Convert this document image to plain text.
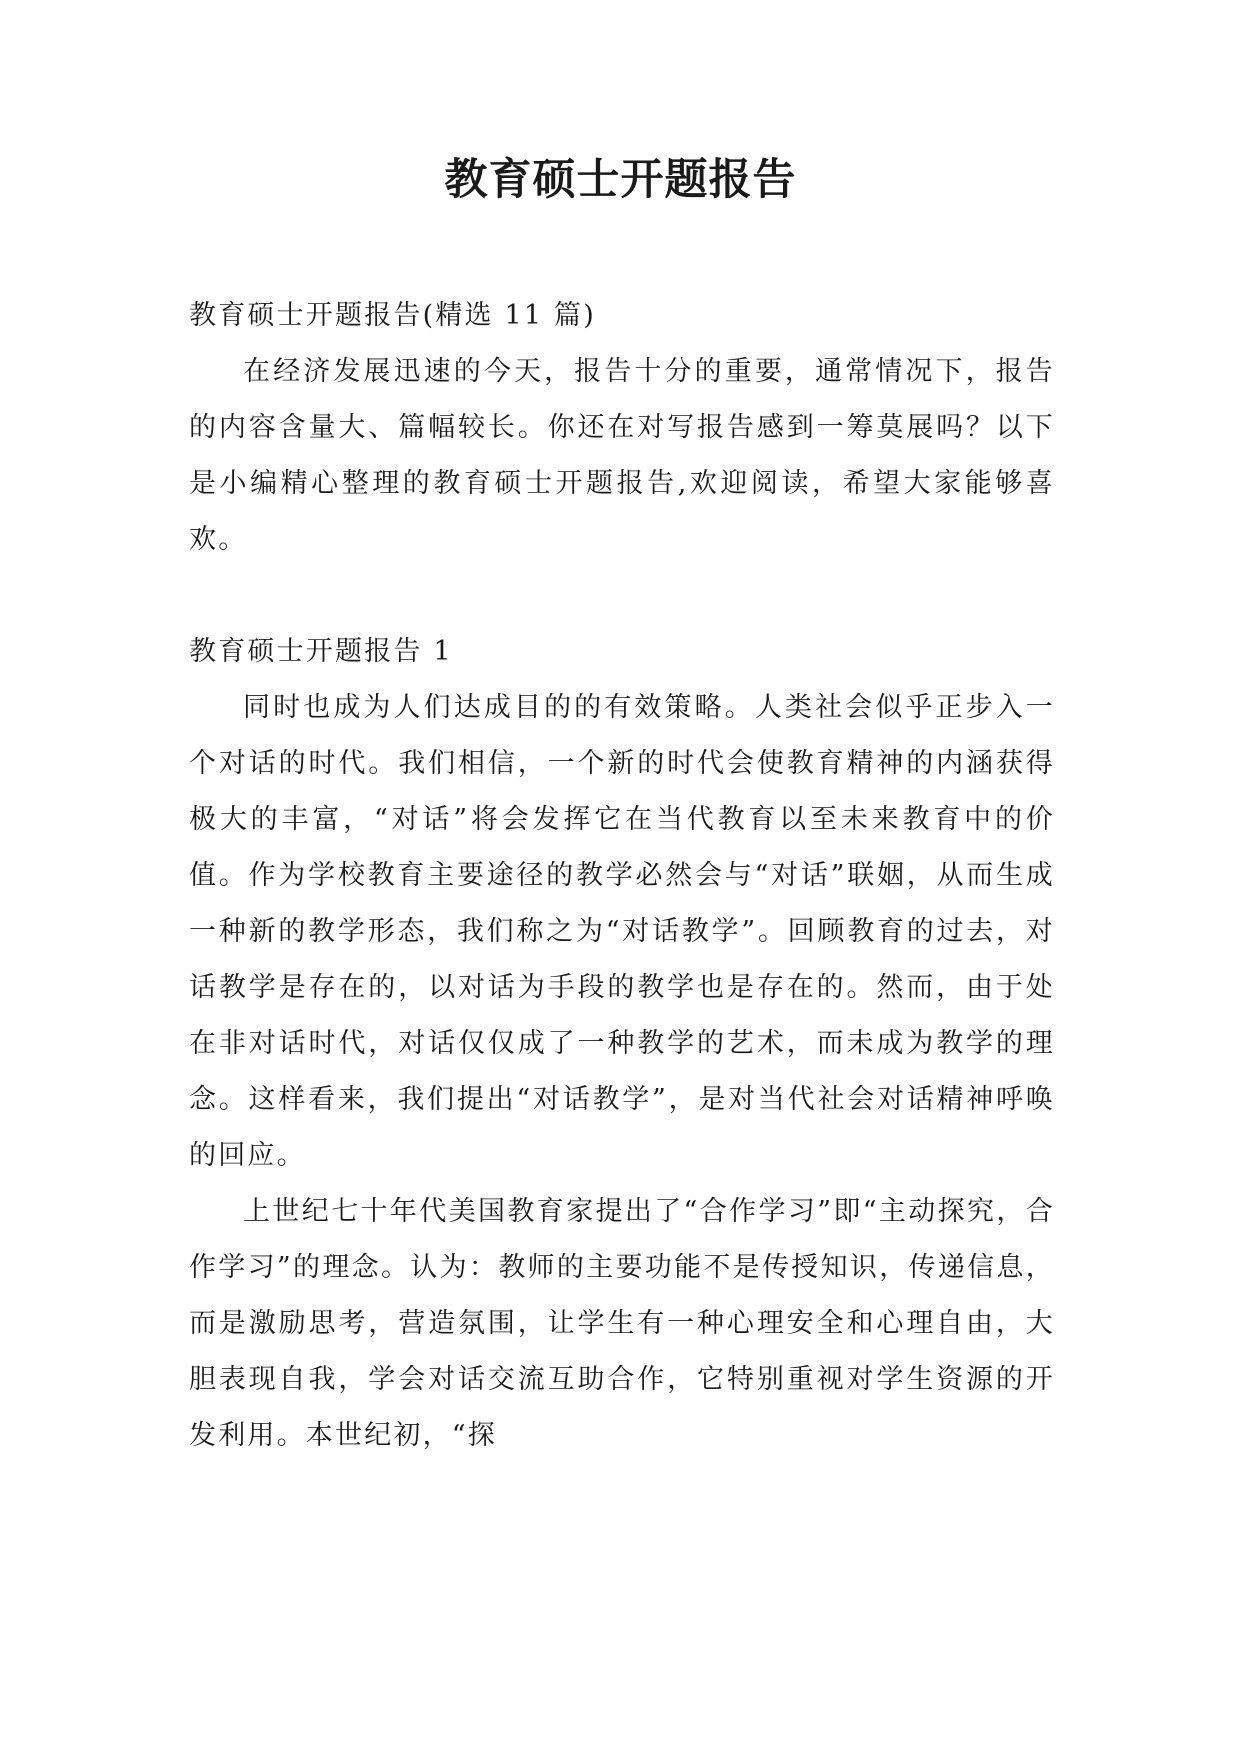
教育硕士开题报告

教育硕士开题报告(精选 11 篇)

在经济发展迅速的今天，报告十分的重要，通常情况下，报告的内容含量大、篇幅较长。你还在对写报告感到一筹莫展吗？以下是小编精心整理的教育硕士开题报告,欢迎阅读，希望大家能够喜欢。

教育硕士开题报告 1

同时也成为人们达成目的的有效策略。人类社会似乎正步入一个对话的时代。我们相信，一个新的时代会使教育精神的内涵获得极大的丰富，“对话”将会发挥它在当代教育以至未来教育中的价值。作为学校教育主要途径的教学必然会与“对话”联姻，从而生成一种新的教学形态，我们称之为“对话教学”。回顾教育的过去，对话教学是存在的，以对话为手段的教学也是存在的。然而，由于处在非对话时代，对话仅仅成了一种教学的艺术，而未成为教学的理念。这样看来，我们提出“对话教学”，是对当代社会对话精神呼唤的回应。

上世纪七十年代美国教育家提出了“合作学习”即“主动探究，合作学习”的理念。认为：教师的主要功能不是传授知识，传递信息，而是激励思考，营造氛围，让学生有一种心理安全和心理自由，大胆表现自我，学会对话交流互助合作，它特别重视对学生资源的开发利用。本世纪初，“探
